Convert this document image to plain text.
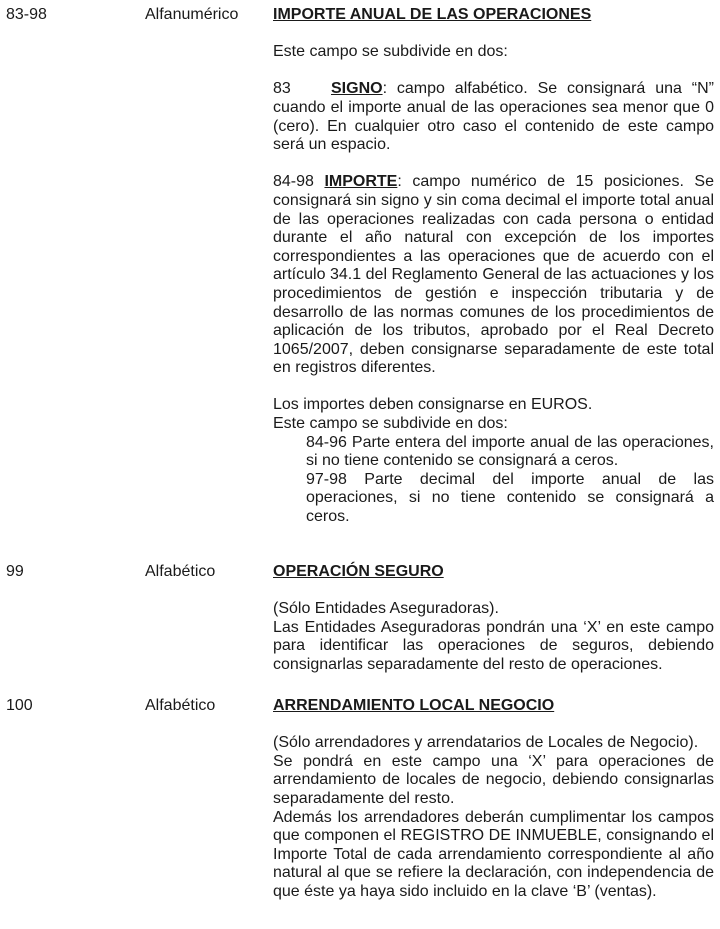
83-98	Alfanumérico IMPORTE ANUAL DE LAS OPERACIONES

Este campo se subdivide en dos:

83	SIGNO: campo alfabético. Se consignará una “N” cuando el importe anual de las operaciones sea menor que 0 (cero). En cualquier otro caso el contenido de este campo será un espacio.

84-98 IMPORTE: campo numérico de 15 posiciones. Se consignará sin signo y sin coma decimal el importe total anual de las operaciones realizadas con cada persona o entidad durante el año natural con excepción de los importes correspondientes a las operaciones que de acuerdo con el artículo 34.1 del Reglamento General de las actuaciones y los procedimientos de gestión e inspección tributaria y de desarrollo de las normas comunes de los procedimientos de aplicación de los tributos, aprobado por el Real Decreto 1065/2007, deben consignarse separadamente de este total en registros diferentes.

Los importes deben consignarse en EUROS.

Este campo se subdivide en dos:

84-96 Parte entera del importe anual de las operaciones, si no tiene contenido se consignará a ceros.

97-98 Parte decimal del importe anual de las operaciones, si no tiene contenido se consignará a ceros.

99	Alfabético	OPERACIÓN SEGURO

(Sólo Entidades Aseguradoras).

Las Entidades Aseguradoras pondrán una ‘X’ en este campo para identificar las operaciones de seguros, debiendo consignarlas separadamente del resto de operaciones.

100	Alfabético	ARRENDAMIENTO LOCAL NEGOCIO

(Sólo arrendadores y arrendatarios de Locales de Negocio).

Se pondrá en este campo una ‘X’ para operaciones de arrendamiento de locales de negocio, debiendo consignarlas separadamente del resto.

Además los arrendadores deberán cumplimentar los campos que componen el REGISTRO DE INMUEBLE, consignando el Importe Total de cada arrendamiento correspondiente al año natural al que se refiere la declaración, con independencia de que éste ya haya sido incluido en la clave ‘B’ (ventas).
